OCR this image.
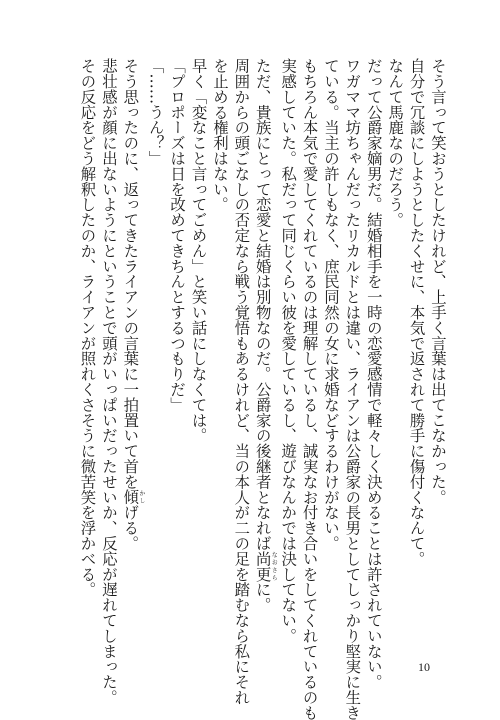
そう言って笑おうとしたけれど、上手く言葉は出てこなかった。
自分で冗談にしようとしたくせに、本気で返されて勝手に傷付くなんて。
なんて馬鹿なのだろう。
だって公爵家嫡男だ。結婚相手を一時の恋愛感情で軽々しく決めることは許されていない。
ワガママ坊ちゃんだったリカルドとは違い、ライアンは公爵家の長男としてしっかり堅実に生き
ている。当主の許しもなく、庶民同然の女に求婚などするわけがない。
もちろん本気で愛してくれているのは理解しているし、誠実なお付き合いをしてくれているのも
実感していた。私だって同じくらい彼を愛しているし、遊びなんかでは決してない。
ただ、貴族にとって恋愛と結婚は別物なのだ。公爵家の後継者となれば尚更なおさらに。
周囲からの頭ごなしの否定なら戦う覚悟もあるけれど、当の本人が二の足を踏むなら私にそれ
を止める権利はない。
早く「変なこと言ってごめん」と笑い話にしなくては。
「プロポーズは日を改めてきちんとするつもりだ」
「……うん？」
そう思ったのに、返ってきたライアンの言葉に一拍置いて首を傾かしげる。
悲壮感が顔に出ないようにということで頭がいっぱいだったせいか、反応が遅れてしまった。
その反応をどう解釈したのか、ライアンが照れくさそうに微苦笑を浮かべる。
10
